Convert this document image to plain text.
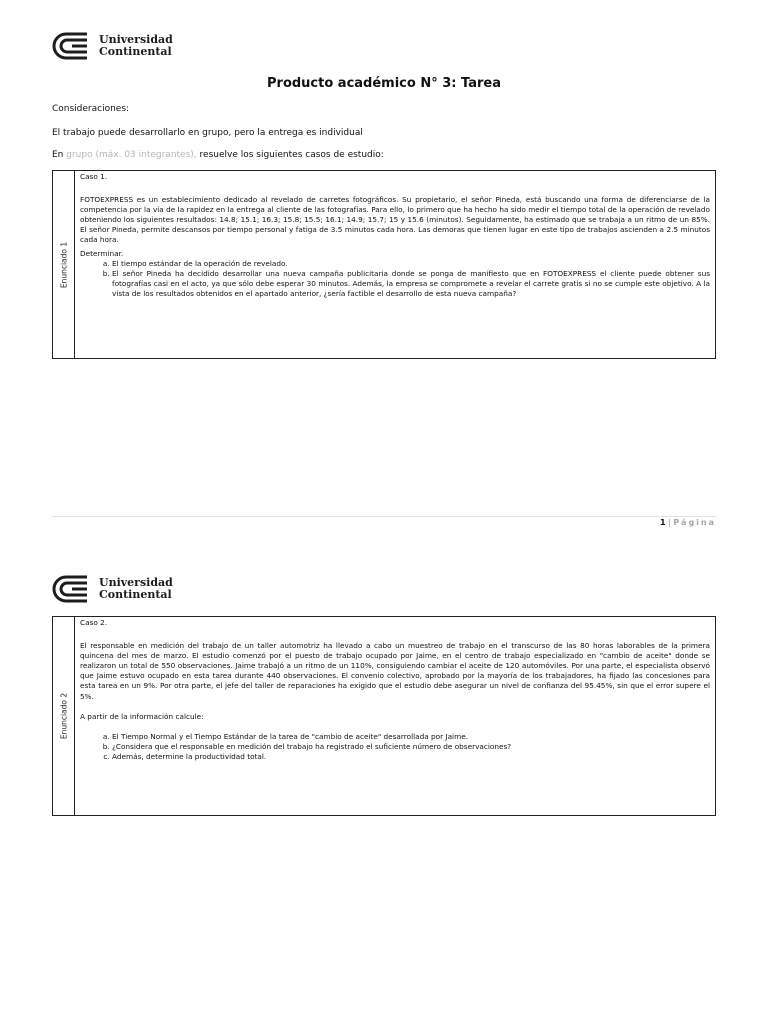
Universidad
Continental
Producto académico N° 3: Tarea
Consideraciones:
El trabajo puede desarrollarlo en grupo, pero la entrega es individual
En grupo (máx. 03 integrantes), resuelve los siguientes casos de estudio:
Enunciado 1

Caso 1.

FOTOEXPRESS es un establecimiento dedicado al revelado de carretes fotográficos. Su propietario, el señor Pineda, está buscando una forma de diferenciarse de la competencia por la vía de la rapidez en la entrega al cliente de las fotografías. Para ello, lo primero que ha hecho ha sido medir el tiempo total de la operación de revelado obteniendo los siguientes resultados: 14.8; 15.1; 16.3; 15.8; 15.5; 16.1; 14.9; 15.7; 15 y 15.6 (minutos). Seguidamente, ha estimado que se trabaja a un ritmo de un 85%. El señor Pineda, permite descansos por tiempo personal y fatiga de 3.5 minutos cada hora. Las demoras que tienen lugar en este tipo de trabajos ascienden a 2.5 minutos cada hora.

Determinar.

a. El tiempo estándar de la operación de revelado.
b. El señor Pineda ha decidido desarrollar una nueva campaña publicitaria donde se ponga de manifiesto que en FOTOEXPRESS el cliente puede obtener sus fotografías casi en el acto, ya que sólo debe esperar 30 minutos. Además, la empresa se compromete a revelar el carrete gratis si no se cumple este objetivo. A la vista de los resultados obtenidos en el apartado anterior, ¿sería factible el desarrollo de esta nueva campaña?
1 | Página
Universidad
Continental
Enunciado 2

Caso 2.

El responsable en medición del trabajo de un taller automotriz ha llevado a cabo un muestreo de trabajo en el transcurso de las 80 horas laborables de la primera quincena del mes de marzo. El estudio comenzó por el puesto de trabajo ocupado por Jaime, en el centro de trabajo especializado en "cambio de aceite" donde se realizaron un total de 550 observaciones. Jaime trabajó a un ritmo de un 110%, consiguiendo cambiar el aceite de 120 automóviles. Por una parte, el especialista observó que Jaime estuvo ocupado en esta tarea durante 440 observaciones. El convenio colectivo, aprobado por la mayoría de los trabajadores, ha fijado las concesiones para esta tarea en un 9%. Por otra parte, el jefe del taller de reparaciones ha exigido que el estudio debe asegurar un nivel de confianza del 95.45%, sin que el error supere el 5%.

A partir de la información calcule:

a. El Tiempo Normal y el Tiempo Estándar de la tarea de "cambio de aceite" desarrollada por Jaime.
b. ¿Considera que el responsable en medición del trabajo ha registrado el suficiente número de observaciones?
c. Además, determine la productividad total.
